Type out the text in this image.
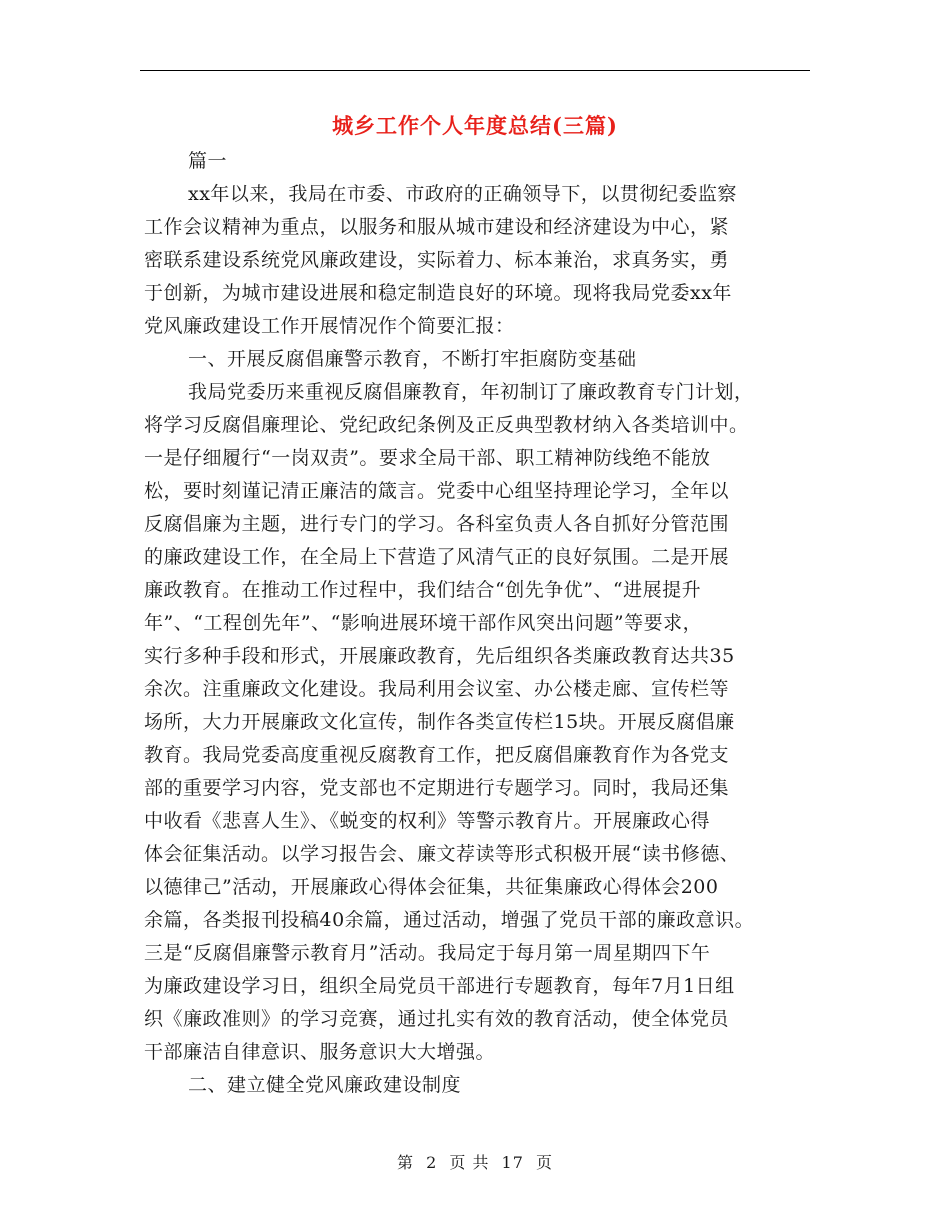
城乡工作个人年度总结(三篇)
篇一
xx年以来，我局在市委、市政府的正确领导下，以贯彻纪委监察
工作会议精神为重点，以服务和服从城市建设和经济建设为中心，紧
密联系建设系统党风廉政建设，实际着力、标本兼治，求真务实，勇
于创新，为城市建设进展和稳定制造良好的环境。现将我局党委xx年
党风廉政建设工作开展情况作个简要汇报：
一、开展反腐倡廉警示教育，不断打牢拒腐防变基础
我局党委历来重视反腐倡廉教育，年初制订了廉政教育专门计划，
将学习反腐倡廉理论、党纪政纪条例及正反典型教材纳入各类培训中。
一是仔细履行“一岗双责”。要求全局干部、职工精神防线绝不能放
松，要时刻谨记清正廉洁的箴言。党委中心组坚持理论学习，全年以
反腐倡廉为主题，进行专门的学习。各科室负责人各自抓好分管范围
的廉政建设工作，在全局上下营造了风清气正的良好氛围。二是开展
廉政教育。在推动工作过程中，我们结合“创先争优”、“进展提升
年”、“工程创先年”、“影响进展环境干部作风突出问题”等要求，
实行多种手段和形式，开展廉政教育，先后组织各类廉政教育达共35
余次。注重廉政文化建设。我局利用会议室、办公楼走廊、宣传栏等
场所，大力开展廉政文化宣传，制作各类宣传栏15块。开展反腐倡廉
教育。我局党委高度重视反腐教育工作，把反腐倡廉教育作为各党支
部的重要学习内容，党支部也不定期进行专题学习。同时，我局还集
中收看《悲喜人生》、《蜕变的权利》等警示教育片。开展廉政心得
体会征集活动。以学习报告会、廉文荐读等形式积极开展“读书修德、
以德律己”活动，开展廉政心得体会征集，共征集廉政心得体会200
余篇，各类报刊投稿40余篇，通过活动，增强了党员干部的廉政意识。
三是“反腐倡廉警示教育月”活动。我局定于每月第一周星期四下午
为廉政建设学习日，组织全局党员干部进行专题教育，每年7月1日组
织《廉政准则》的学习竞赛，通过扎实有效的教育活动，使全体党员
干部廉洁自律意识、服务意识大大增强。
二、建立健全党风廉政建设制度
第 2 页 共 17 页
